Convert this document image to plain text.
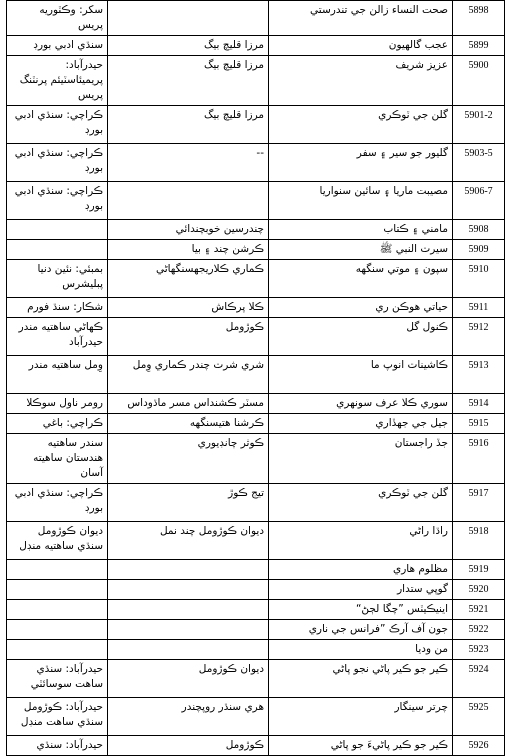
سکر: وڪٽوريه پريس		صحت النساء زالن جي تندرستي	5898
سنڌي ادبي بورڊ	مرزا قليچ بيگ	عجب گالهيون	5899
حيدرآباد: پريميئاسٽيئم پرنٽنگ پريس	مرزا قليچ بيگ	عزيز شريف	5900
ڪراچي: سنڌي ادبي بورڊ	مرزا قليچ بيگ	گلن جي ٽوڪري	5901-2
ڪراچي: سنڌي ادبي بورڊ	--	گليور جو سير ۽ سفر	5903-5
ڪراچي: سنڌي ادبي بورڊ		مصيبت ماريا ۽ سائين سنواريا	5906-7
	چندرسين خوبچندائي	مامني ۽ ڪتاب	5908
	ڪرشن چند ۽ بيا	سيرت النبي ﷺ	5909
بمبئي: نئين دنيا پبليشرس	ڪماري ڪلاريجهسنگهاڻي	سپون ۽ موتي سنگهه	5910
شڪار: سنڌ فورم	ڪلا پرڪاش	حياتي هوڪن ري	5911
ڪهاڻي ساهتيه مندر حيدرآباد	ڪوڙومل	ڪنول گل	5912
وِمل ساهتيه مندر	شري شرت چندر ڪماري وِمل	ڪاشينات انوپ ما	5913
رومر ناول سوڪلا	مسٽر ڪشنداس مسر ماڌوداس	سوري ڪلا عرف سونهري	5914
ڪراچي: باغي	ڪرشنا هتيسنگهه	جيل جي جهڏاري	5915
سندر ساهتيه هندستان ساهيته آسان	ڪوثر چانڊيوري	جڏ راجستان	5916
ڪراچي: سنڌي ادبي بورڊ	تيج ڪوڙ	گلن جي ٽوڪري	5917
ديوان ڪوڙومل سنڌي ساهتيه منڊل	ديوان ڪوڙومل چند نمل	راڌا راڻي	5918
		مظلوم هاري	5919
		گوپي ستدار	5920
		اينيڪيٽس ”چگا لڄڻ“	5921
		جون آف آرڪ ”فرانس جي ناري	5922
		من وديا	5923
حيدرآباد: سنڌي ساهت سوسائٽي	ديوان ڪوڙومل	ڪير جو ڪير پاڻي نجو پاڻي	5924
حيدرآباد: ڪوڙومل سنڌي ساهت منڊل	هري سنڌر روپچندر	چرتر سينگار	5925
حيدرآباد: سنڌي	ڪوڙومل	ڪير جو ڪير پاڻيءَ جو پاڻي	5926
